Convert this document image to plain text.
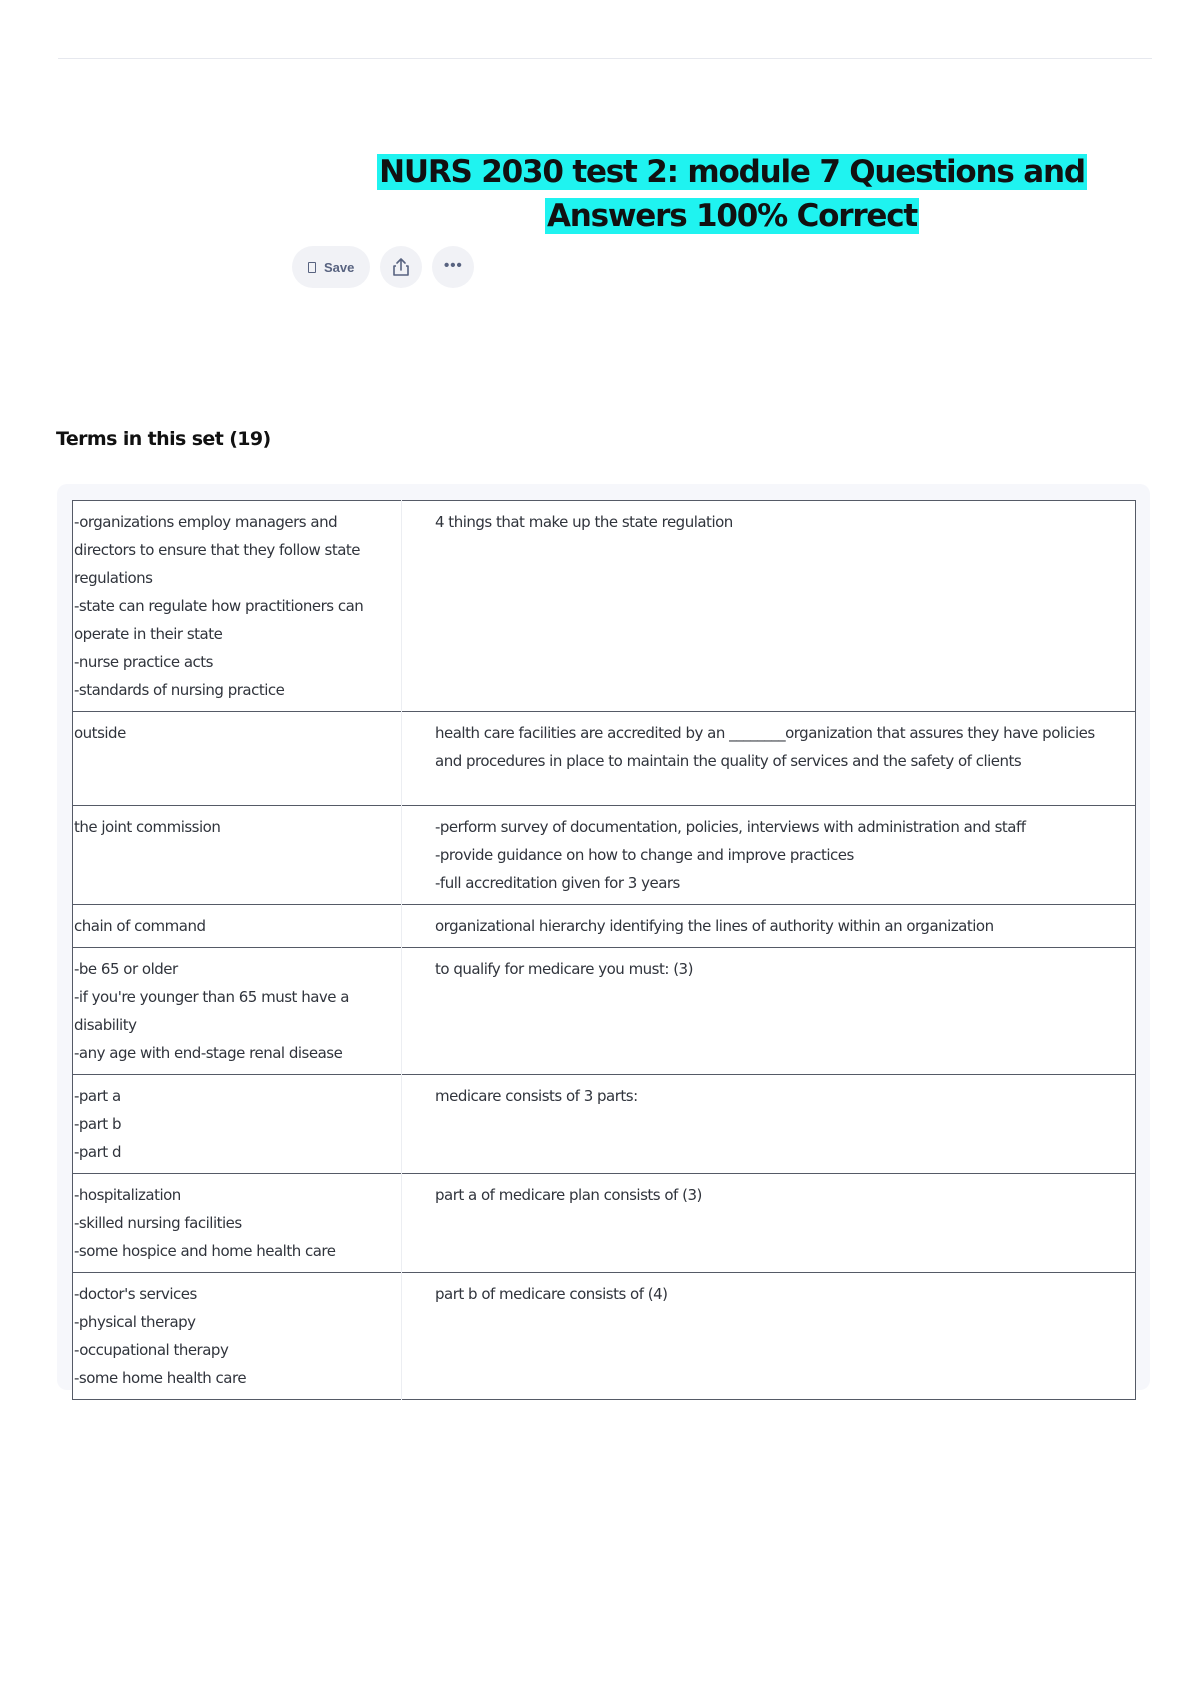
NURS 2030 test 2: module 7 Questions and Answers 100% Correct
Save	•••
Terms in this set (19)
-organizations employ managers and directors to ensure that they follow state regulations
-state can regulate how practitioners can operate in their state
-nurse practice acts
-standards of nursing practice	4 things that make up the state regulation

outside	health care facilities are accredited by an ________organization that assures they have policies and procedures in place to maintain the quality of services and the safety of clients

the joint commission	-perform survey of documentation, policies, interviews with administration and staff
-provide guidance on how to change and improve practices
-full accreditation given for 3 years

chain of command	organizational hierarchy identifying the lines of authority within an organization

-be 65 or older
-if you're younger than 65 must have a disability
-any age with end-stage renal disease	to qualify for medicare you must: (3)

-part a
-part b
-part d	medicare consists of 3 parts:

-hospitalization
-skilled nursing facilities
-some hospice and home health care	part a of medicare plan consists of (3)

-doctor's services
-physical therapy
-occupational therapy
-some home health care	part b of medicare consists of (4)
